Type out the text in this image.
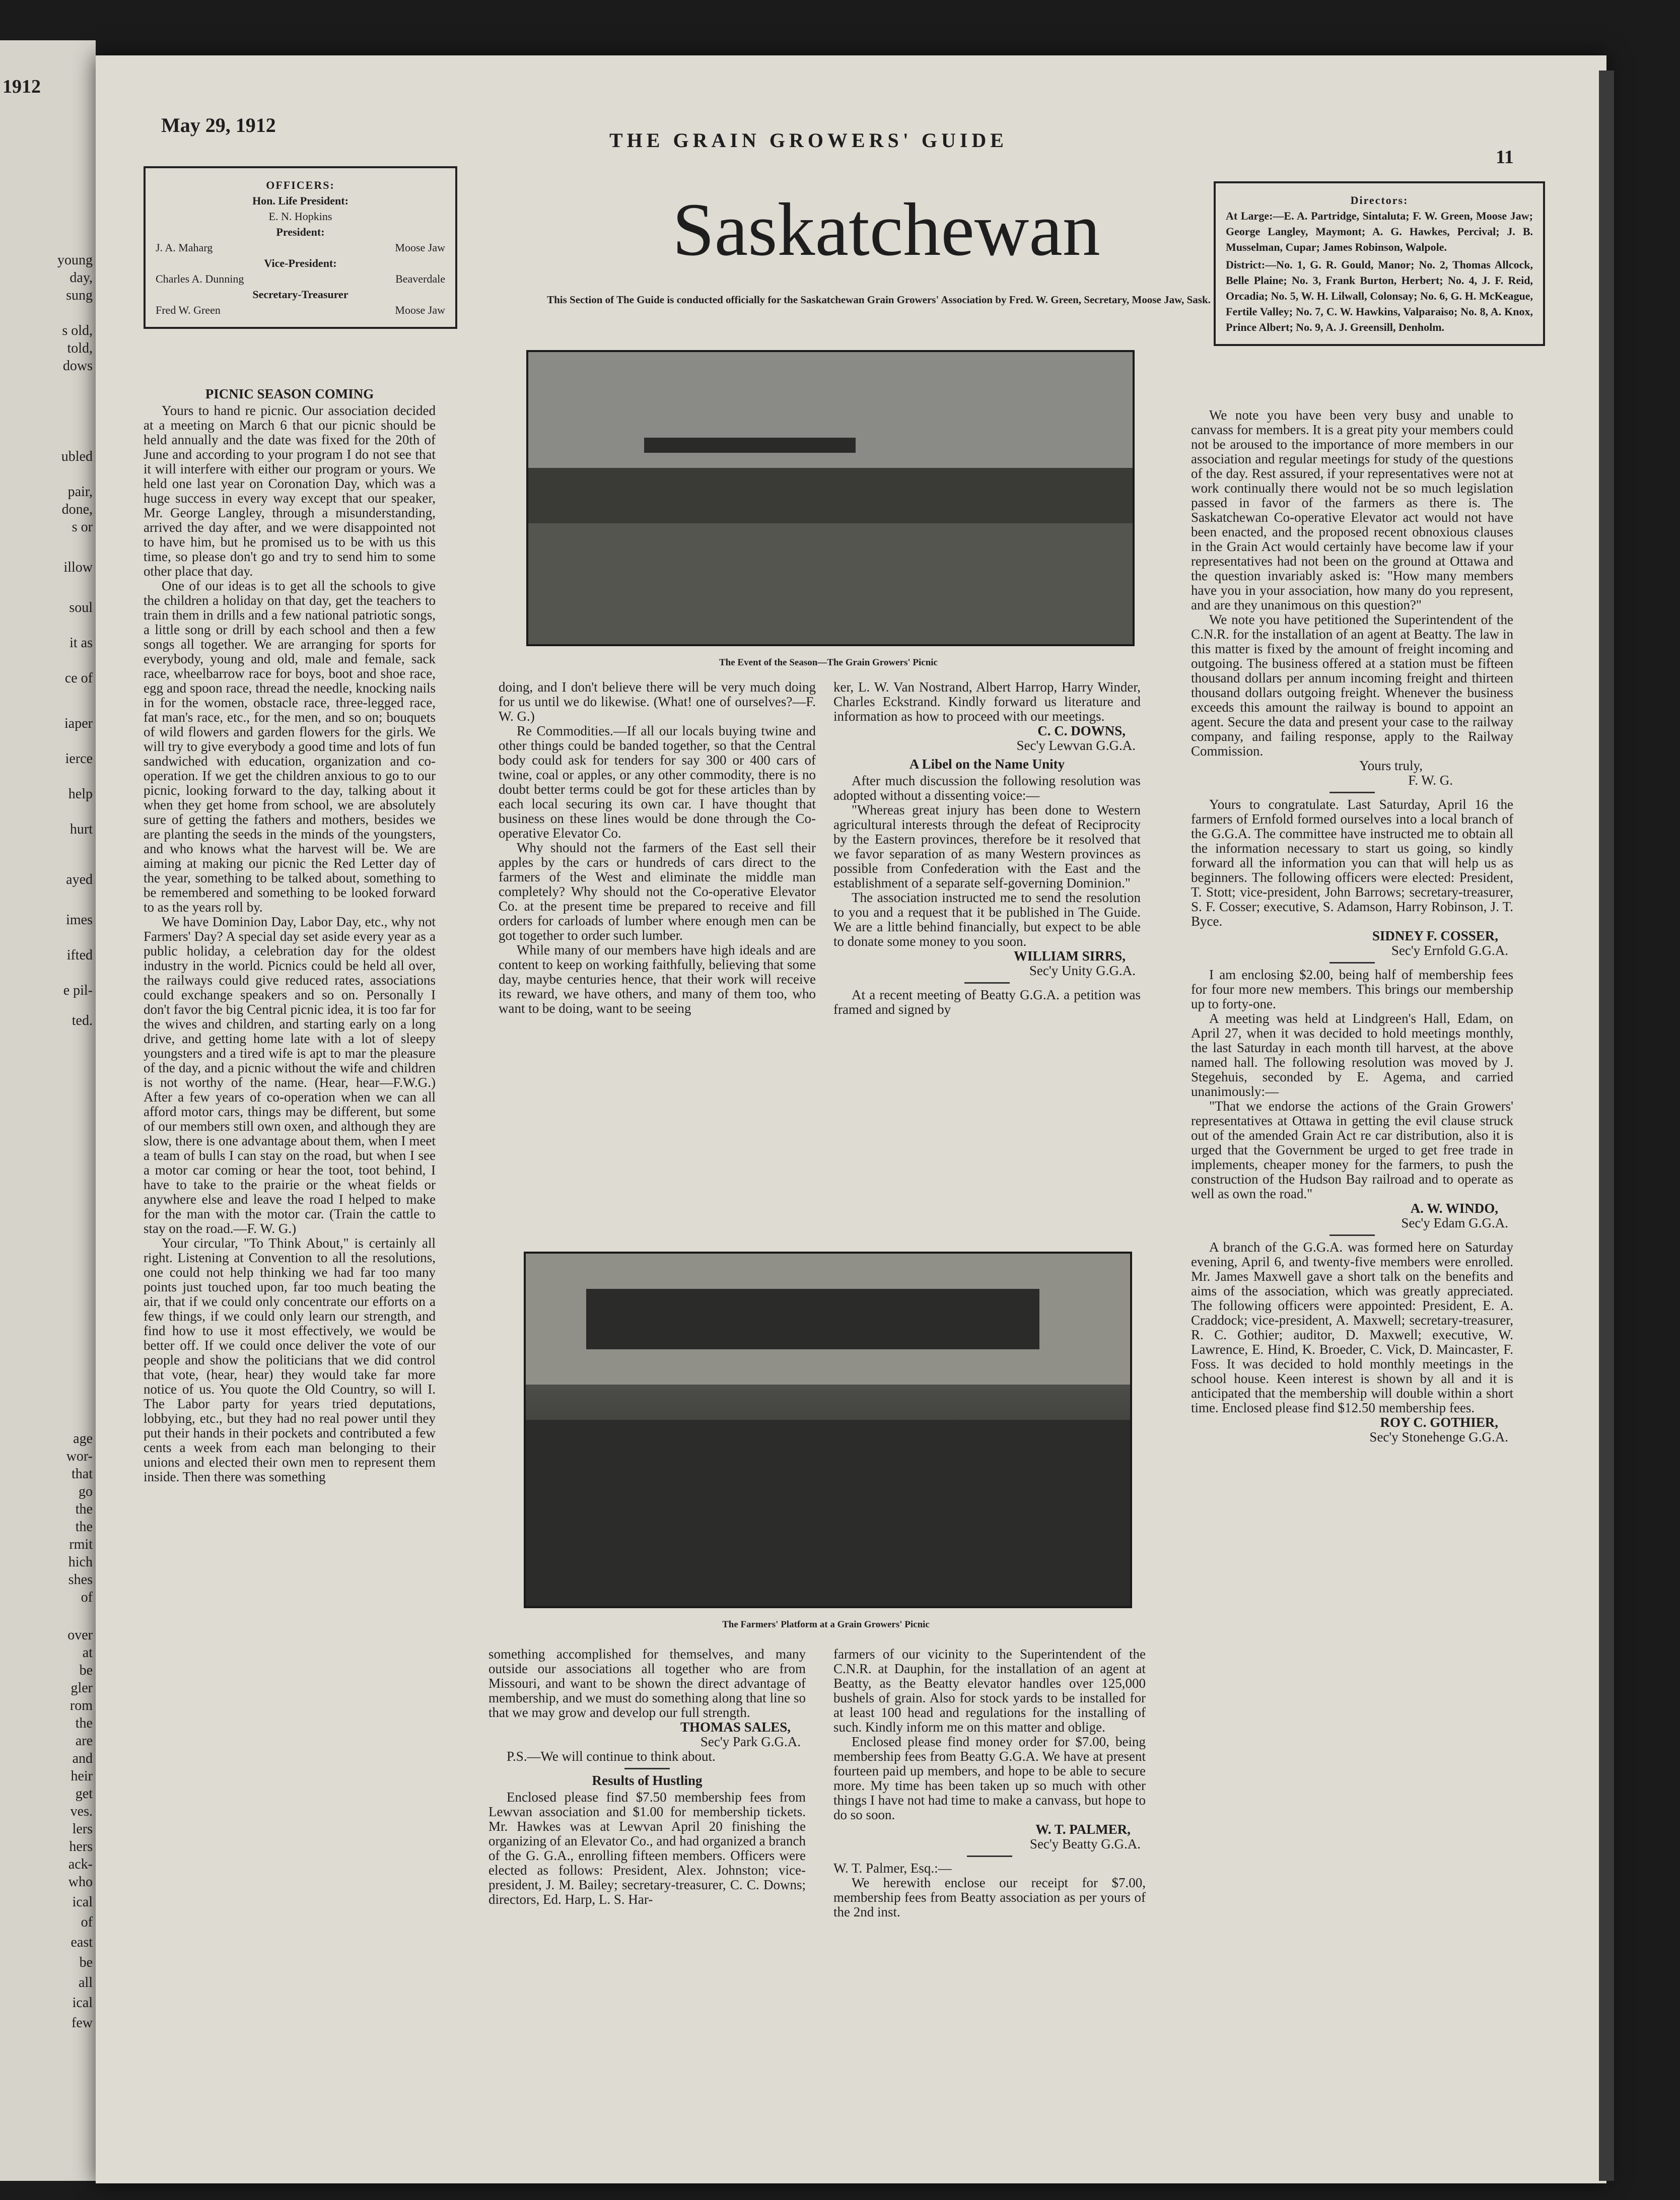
1912
young
day,
sung
s old,
told,
dows
ubled
pair,
done,
s or
illow
soul
it as
ce of
iaper
ierce
help
hurt
ayed
imes
ifted
e pil-
ted.
age
wor-
that
go
the
the
rmit
hich
shes
of
over
at
be
gler
rom
the
are
and
heir
get
ves.
lers
hers
ack-
who
ical
of
east
be
all
ical
few
May 29, 1912
THE GRAIN GROWERS' GUIDE
11
Saskatchewan
This Section of The Guide is conducted officially for the Saskatchewan Grain Growers' Association by Fred. W. Green, Secretary, Moose Jaw, Sask.
OFFICERS:
Hon. Life President:
E. N. Hopkins
President:
J. A. Maharg	Moose Jaw
Vice-President:
Charles A. Dunning	Beaverdale
Secretary-Treasurer
Fred W. Green	Moose Jaw
Directors:
At Large:—E. A. Partridge, Sintaluta; F. W. Green, Moose Jaw; George Langley, Maymont; A. G. Hawkes, Percival; J. B. Musselman, Cupar; James Robinson, Walpole.
District:—No. 1, G. R. Gould, Manor; No. 2, Thomas Allcock, Belle Plaine; No. 3, Frank Burton, Herbert; No. 4, J. F. Reid, Orcadia; No. 5, W. H. Lilwall, Colonsay; No. 6, G. H. McKeague, Fertile Valley; No. 7, C. W. Hawkins, Valparaiso; No. 8, A. Knox, Prince Albert; No. 9, A. J. Greensill, Denholm.
The Event of the Season—The Grain Growers' Picnic
The Farmers' Platform at a Grain Growers' Picnic
PICNIC SEASON COMING

Yours to hand re picnic. Our association decided at a meeting on March 6 that our picnic should be held annually and the date was fixed for the 20th of June and according to your program I do not see that it will interfere with either our program or yours. We held one last year on Coronation Day, which was a huge success in every way except that our speaker, Mr. George Langley, through a misunderstanding, arrived the day after, and we were disappointed not to have him, but he promised us to be with us this time, so please don't go and try to send him to some other place that day.

One of our ideas is to get all the schools to give the children a holiday on that day, get the teachers to train them in drills and a few national patriotic songs, a little song or drill by each school and then a few songs all together. We are arranging for sports for everybody, young and old, male and female, sack race, wheelbarrow race for boys, boot and shoe race, egg and spoon race, thread the needle, knocking nails in for the women, obstacle race, three-legged race, fat man's race, etc., for the men, and so on; bouquets of wild flowers and garden flowers for the girls. We will try to give everybody a good time and lots of fun sandwiched with education, organization and co-operation. If we get the children anxious to go to our picnic, looking forward to the day, talking about it when they get home from school, we are absolutely sure of getting the fathers and mothers, besides we are planting the seeds in the minds of the youngsters, and who knows what the harvest will be. We are aiming at making our picnic the Red Letter day of the year, something to be talked about, something to be remembered and something to be looked forward to as the years roll by.

We have Dominion Day, Labor Day, etc., why not Farmers' Day? A special day set aside every year as a public holiday, a celebration day for the oldest industry in the world. Picnics could be held all over, the railways could give reduced rates, associations could exchange speakers and so on. Personally I don't favor the big Central picnic idea, it is too far for the wives and children, and starting early on a long drive, and getting home late with a lot of sleepy youngsters and a tired wife is apt to mar the pleasure of the day, and a picnic without the wife and children is not worthy of the name. (Hear, hear—F.W.G.) After a few years of co-operation when we can all afford motor cars, things may be different, but some of our members still own oxen, and although they are slow, there is one advantage about them, when I meet a team of bulls I can stay on the road, but when I see a motor car coming or hear the toot, toot behind, I have to take to the prairie or the wheat fields or anywhere else and leave the road I helped to make for the man with the motor car. (Train the cattle to stay on the road.—F. W. G.)

Your circular, "To Think About," is certainly all right. Listening at Convention to all the resolutions, one could not help thinking we had far too many points just touched upon, far too much beating the air, that if we could only concentrate our efforts on a few things, if we could only learn our strength, and find how to use it most effectively, we would be better off. If we could once deliver the vote of our people and show the politicians that we did control that vote, (hear, hear) they would take far more notice of us. You quote the Old Country, so will I. The Labor party for years tried deputations, lobbying, etc., but they had no real power until they put their hands in their pockets and contributed a few cents a week from each man belonging to their unions and elected their own men to represent them inside. Then there was something

doing, and I don't believe there will be very much doing for us until we do likewise. (What! one of ourselves?—F. W. G.)

Re Commodities.—If all our locals buying twine and other things could be banded together, so that the Central body could ask for tenders for say 300 or 400 cars of twine, coal or apples, or any other commodity, there is no doubt better terms could be got for these articles than by each local securing its own car. I have thought that business on these lines would be done through the Co-operative Elevator Co.

Why should not the farmers of the East sell their apples by the cars or hundreds of cars direct to the farmers of the West and eliminate the middle man completely? Why should not the Co-operative Elevator Co. at the present time be prepared to receive and fill orders for carloads of lumber where enough men can be got together to order such lumber.

While many of our members have high ideals and are content to keep on working faithfully, believing that some day, maybe centuries hence, that their work will receive its reward, we have others, and many of them too, who want to be doing, want to be seeing

ker, L. W. Van Nostrand, Albert Harrop, Harry Winder, Charles Eckstrand. Kindly forward us literature and information as how to proceed with our meetings.

C. C. DOWNS,
Sec'y Lewvan G.G.A.
A Libel on the Name Unity

After much discussion the following resolution was adopted without a dissenting voice:—

"Whereas great injury has been done to Western agricultural interests through the defeat of Reciprocity by the Eastern provinces, therefore be it resolved that we favor separation of as many Western provinces as possible from Confederation with the East and the establishment of a separate self-governing Dominion."

The association instructed me to send the resolution to you and a request that it be published in The Guide. We are a little behind financially, but expect to be able to donate some money to you soon.

WILLIAM SIRRS,
Sec'y Unity G.G.A.

At a recent meeting of Beatty G.G.A. a petition was framed and signed by

We note you have been very busy and unable to canvass for members. It is a great pity your members could not be aroused to the importance of more members in our association and regular meetings for study of the questions of the day. Rest assured, if your representatives were not at work continually there would not be so much legislation passed in favor of the farmers as there is. The Saskatchewan Co-operative Elevator act would not have been enacted, and the proposed recent obnoxious clauses in the Grain Act would certainly have become law if your representatives had not been on the ground at Ottawa and the question invariably asked is: "How many members have you in your association, how many do you represent, and are they unanimous on this question?"

We note you have petitioned the Superintendent of the C.N.R. for the installation of an agent at Beatty. The law in this matter is fixed by the amount of freight incoming and outgoing. The business offered at a station must be fifteen thousand dollars per annum incoming freight and thirteen thousand dollars outgoing freight. Whenever the business exceeds this amount the railway is bound to appoint an agent. Secure the data and present your case to the railway company, and failing response, apply to the Railway Commission.

Yours truly,
F. W. G.

Yours to congratulate. Last Saturday, April 16 the farmers of Ernfold formed ourselves into a local branch of the G.G.A. The committee have instructed me to obtain all the information necessary to start us going, so kindly forward all the information you can that will help us as beginners. The following officers were elected: President, T. Stott; vice-president, John Barrows; secretary-treasurer, S. F. Cosser; executive, S. Adamson, Harry Robinson, J. T. Byce.

SIDNEY F. COSSER,
Sec'y Ernfold G.G.A.

I am enclosing $2.00, being half of membership fees for four more new members. This brings our membership up to forty-one.

A meeting was held at Lindgreen's Hall, Edam, on April 27, when it was decided to hold meetings monthly, the last Saturday in each month till harvest, at the above named hall. The following resolution was moved by J. Stegehuis, seconded by E. Agema, and carried unanimously:—

"That we endorse the actions of the Grain Growers' representatives at Ottawa in getting the evil clause struck out of the amended Grain Act re car distribution, also it is urged that the Government be urged to get free trade in implements, cheaper money for the farmers, to push the construction of the Hudson Bay railroad and to operate as well as own the road."

A. W. WINDO,
Sec'y Edam G.G.A.

A branch of the G.G.A. was formed here on Saturday evening, April 6, and twenty-five members were enrolled. Mr. James Maxwell gave a short talk on the benefits and aims of the association, which was greatly appreciated. The following officers were appointed: President, E. A. Craddock; vice-president, A. Maxwell; secretary-treasurer, R. C. Gothier; auditor, D. Maxwell; executive, W. Lawrence, E. Hind, K. Broeder, C. Vick, D. Maincaster, F. Foss. It was decided to hold monthly meetings in the school house. Keen interest is shown by all and it is anticipated that the membership will double within a short time. Enclosed please find $12.50 membership fees.

ROY C. GOTHIER,
Sec'y Stonehenge G.G.A.

something accomplished for themselves, and many outside our associations all together who are from Missouri, and want to be shown the direct advantage of membership, and we must do something along that line so that we may grow and develop our full strength.

THOMAS SALES,
Sec'y Park G.G.A.

P.S.—We will continue to think about.

Results of Hustling

Enclosed please find $7.50 membership fees from Lewvan association and $1.00 for membership tickets. Mr. Hawkes was at Lewvan April 20 finishing the organizing of an Elevator Co., and had organized a branch of the G. G.A., enrolling fifteen members. Officers were elected as follows: President, Alex. Johnston; vice-president, J. M. Bailey; secretary-treasurer, C. C. Downs; directors, Ed. Harp, L. S. Har-

farmers of our vicinity to the Superintendent of the C.N.R. at Dauphin, for the installation of an agent at Beatty, as the Beatty elevator handles over 125,000 bushels of grain. Also for stock yards to be installed for at least 100 head and regulations for the installing of such. Kindly inform me on this matter and oblige.

Enclosed please find money order for $7.00, being membership fees from Beatty G.G.A. We have at present fourteen paid up members, and hope to be able to secure more. My time has been taken up so much with other things I have not had time to make a canvass, but hope to do so soon.

W. T. PALMER,
Sec'y Beatty G.G.A.

W. T. Palmer, Esq.:—

We herewith enclose our receipt for $7.00, membership fees from Beatty association as per yours of the 2nd inst.
